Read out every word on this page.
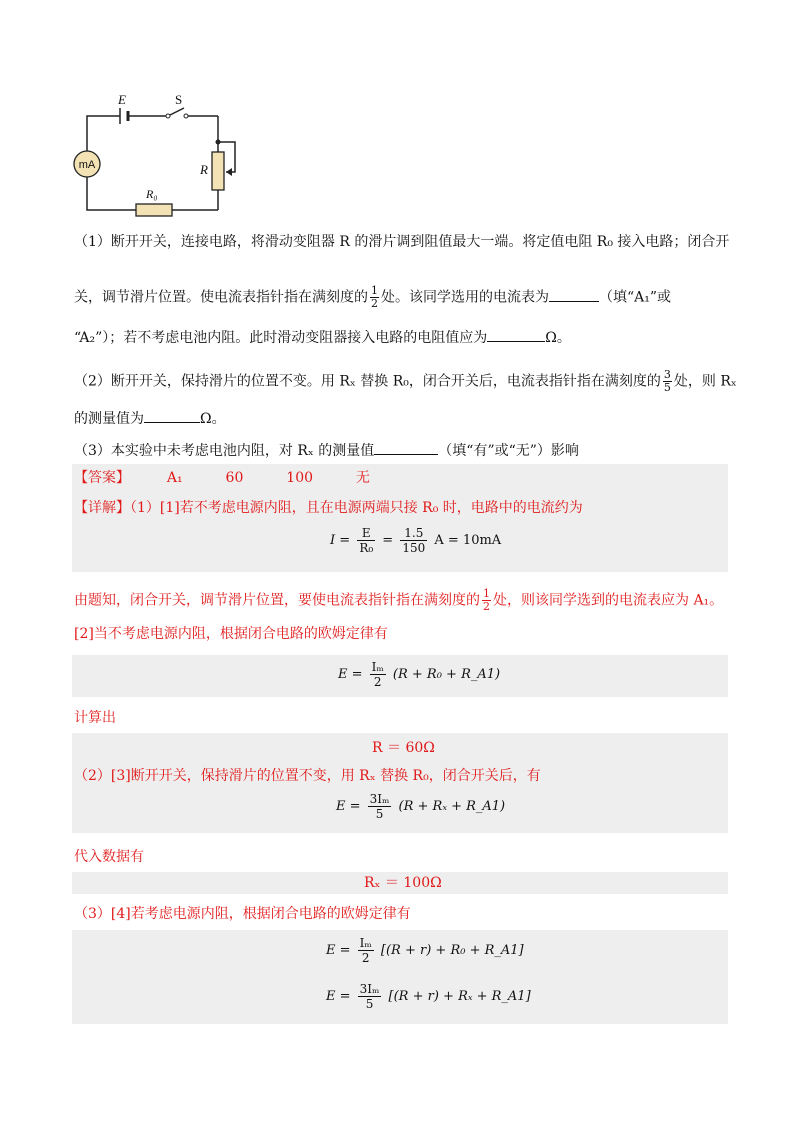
mA
E	S
R
R₀
（1）断开开关，连接电路，将滑动变阻器 R 的滑片调到阻值最大一端。将定值电阻 R₀ 接入电路；闭合开
关，调节滑片位置。使电流表指针指在满刻度的 $\frac{1}{2}$ 处。该同学选用的电流表为	（填“A₁”或
“A₂”）；若不考虑电池内阻。此时滑动变阻器接入电路的电阻值应为	Ω。
（2）断开开关，保持滑片的位置不变。用 Rₓ 替换 R₀，闭合开关后，电流表指针指在满刻度的 $\frac{3}{5}$ 处，则 Rₓ
的测量值为	Ω。
（3）本实验中未考虑电池内阻，对 Rₓ 的测量值	（填“有”或“无”）影响
【答案】	A₁	60	100	无
【详解】（1）[1]若不考虑电源内阻，且在电源两端只接 R₀ 时，电路中的电流约为
$I = \frac{E}{\text{R₀}} = \frac{1.5}{150}$ A = 10mA
由题知，闭合开关，调节滑片位置，要使电流表指针指在满刻度的 $\frac{1}{2}$ 处，则该同学选到的电流表应为 A₁。
[2]当不考虑电源内阻，根据闭合电路的欧姆定律有
$E = \frac{\text{Iₘ}}{2} (R + R_0$ + R_A1)
计算出
R ＝ 60Ω
（2）[3]断开开关，保持滑片的位置不变，用 Rₓ 替换 R₀，闭合开关后，有
$E = \frac{\text{3Iₘ}}{5} (R + R_x$ + R_A1)
代入数据有
Rₓ ＝ 100Ω
（3）[4]若考虑电源内阻，根据闭合电路的欧姆定律有
$E = \frac{\text{Iₘ}}{2} [(R + r) + R_0$ + R_A1]
$E = \frac{\text{3Iₘ}}{5} [(R + r) + R_x$ + R_A1]
